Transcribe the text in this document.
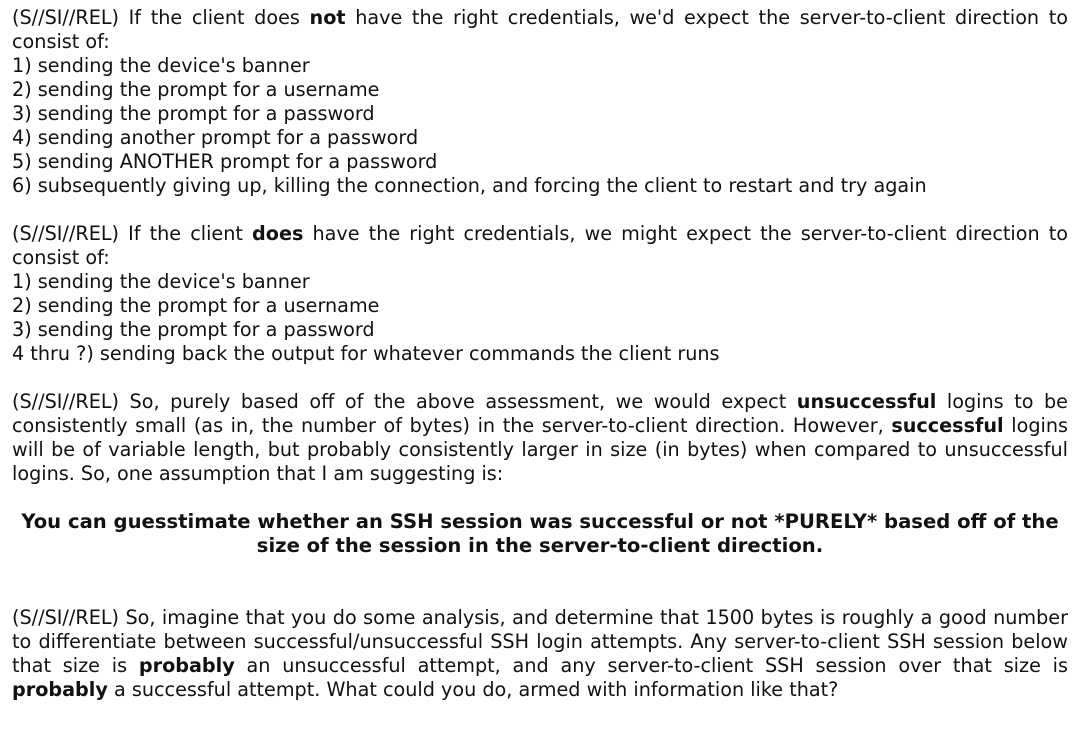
(S//SI//REL) If the client does not have the right credentials, we'd expect the server-to-client direction to consist of:
1) sending the device's banner
2) sending the prompt for a username
3) sending the prompt for a password
4) sending another prompt for a password
5) sending ANOTHER prompt for a password
6) subsequently giving up, killing the connection, and forcing the client to restart and try again
(S//SI//REL) If the client does have the right credentials, we might expect the server-to-client direction to consist of:
1) sending the device's banner
2) sending the prompt for a username
3) sending the prompt for a password
4 thru ?) sending back the output for whatever commands the client runs
(S//SI//REL) So, purely based off of the above assessment, we would expect unsuccessful logins to be consistently small (as in, the number of bytes) in the server-to-client direction. However, successful logins will be of variable length, but probably consistently larger in size (in bytes) when compared to unsuccessful logins. So, one assumption that I am suggesting is:
You can guesstimate whether an SSH session was successful or not *PURELY* based off of the size of the session in the server-to-client direction.
(S//SI//REL) So, imagine that you do some analysis, and determine that 1500 bytes is roughly a good number to differentiate between successful/unsuccessful SSH login attempts. Any server-to-client SSH session below that size is probably an unsuccessful attempt, and any server-to-client SSH session over that size is probably a successful attempt. What could you do, armed with information like that?
